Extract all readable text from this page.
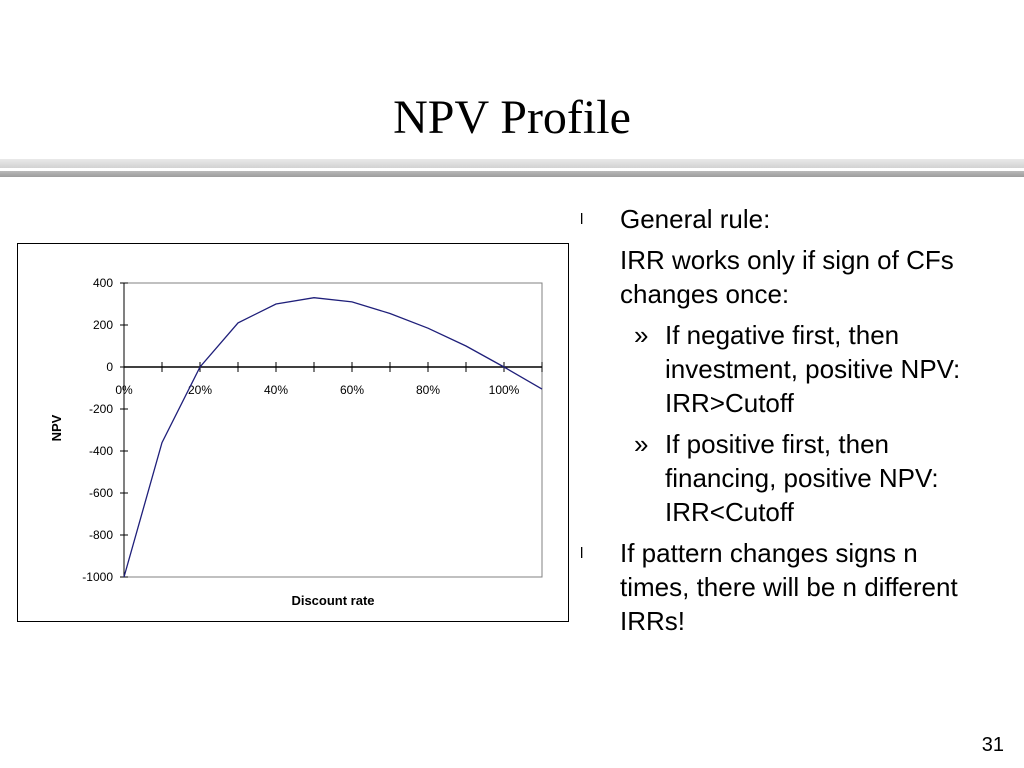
NPV Profile
400
200
0
-200
-400
-600
-800
-1000
0%	20%	40%	60%	80%	100%
Discount rate
NPV
l General rule:
IRR works only if sign of CFs
changes once:
» If negative first, then
investment, positive NPV:
IRR>Cutoff
» If positive first, then
financing, positive NPV:
IRR<Cutoff
l If pattern changes signs n
times, there will be n different
IRRs!
31
